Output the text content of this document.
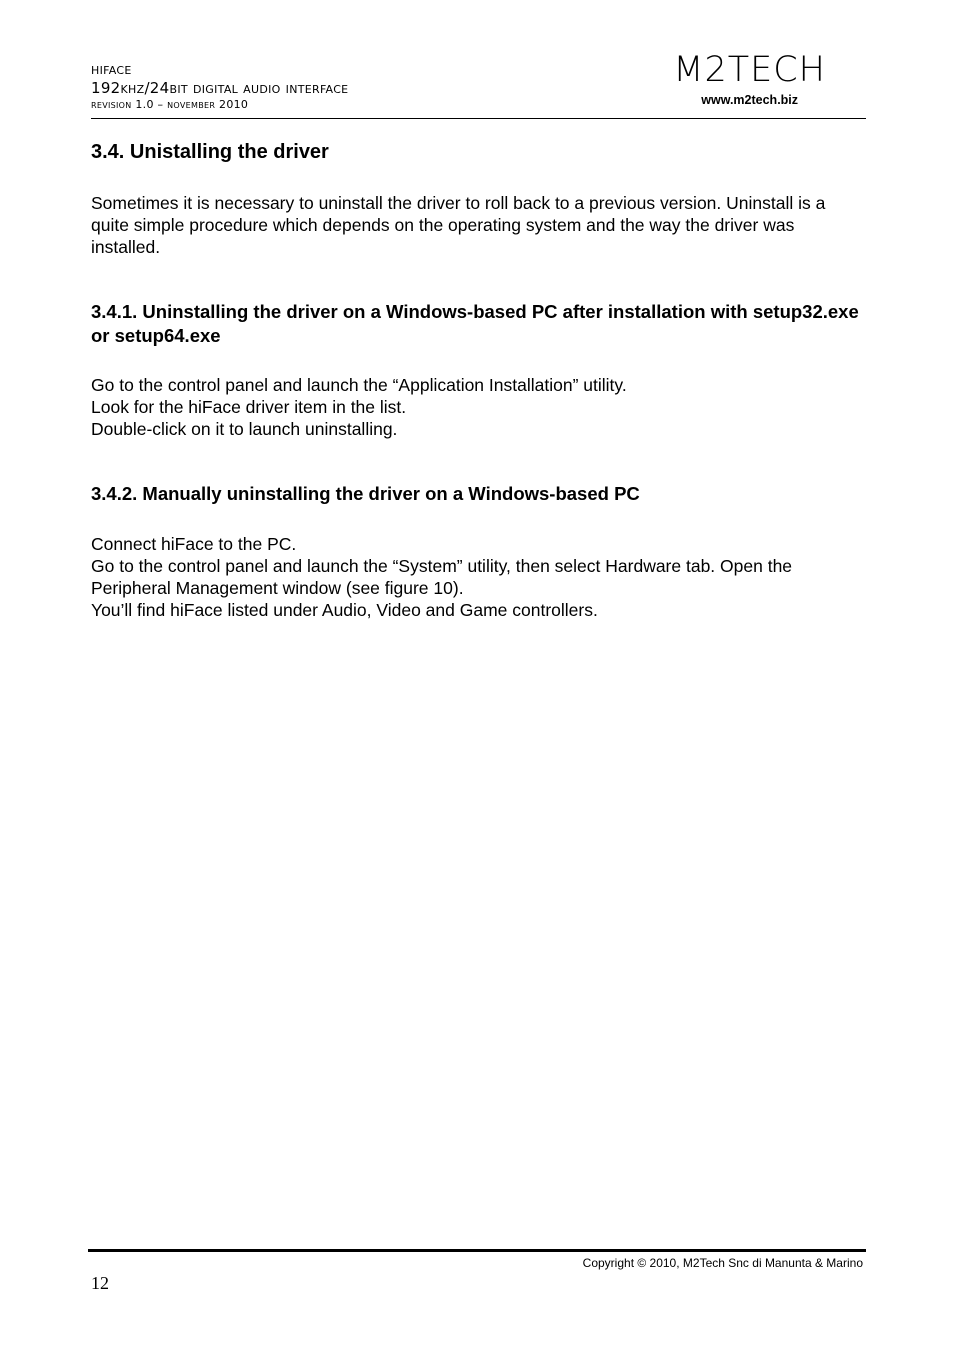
hiface
192khz/24bit digital audio interface
revision 1.0 – november 2010
M2TECH
www.m2tech.biz
3.4. Unistalling the driver

Sometimes it is necessary to uninstall the driver to roll back to a previous version. Uninstall is a quite simple procedure which depends on the operating system and the way the driver was installed.

3.4.1. Uninstalling the driver on a Windows-based PC after installation with setup32.exe or setup64.exe

Go to the control panel and launch the “Application Installation” utility.

Look for the hiFace driver item in the list.

Double-click on it to launch uninstalling.

3.4.2. Manually uninstalling the driver on a Windows-based PC

Connect hiFace to the PC.

Go to the control panel and launch the “System” utility, then select Hardware tab. Open the Peripheral Management window (see figure 10).

You’ll find hiFace listed under Audio, Video and Game controllers.

Copyright © 2010, M2Tech Snc di Manunta & Marino
12
